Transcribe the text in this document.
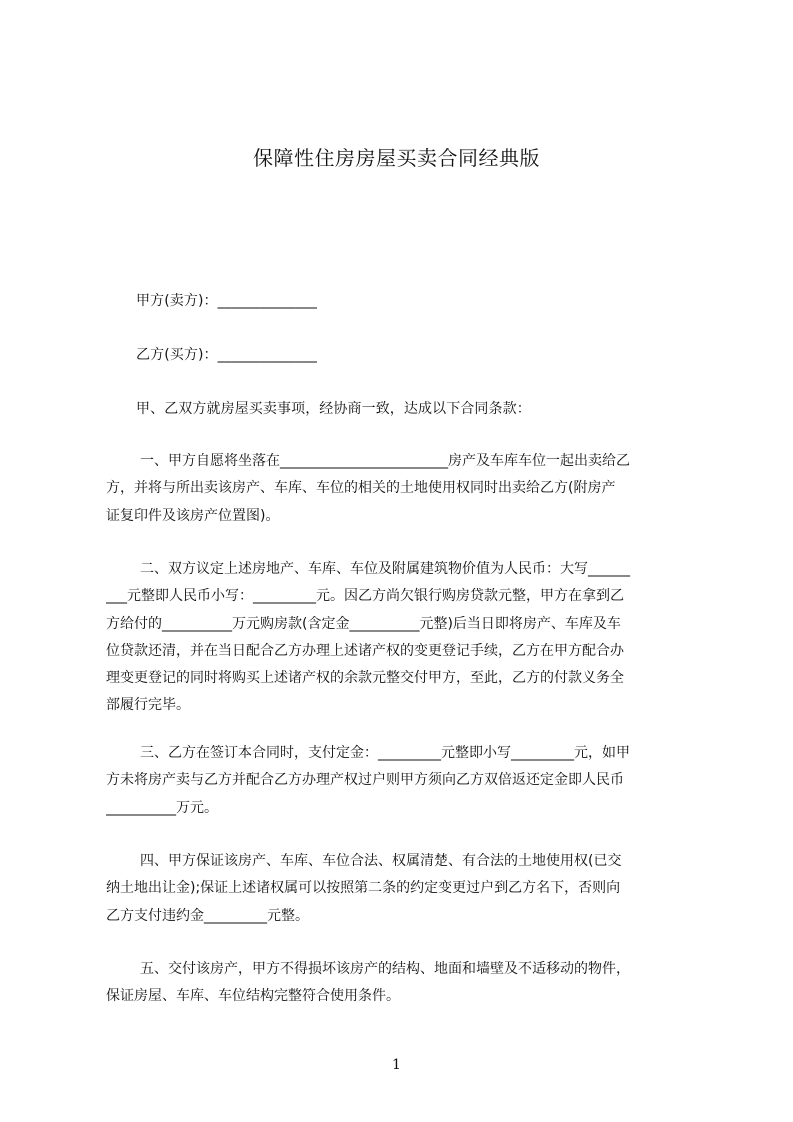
保障性住房房屋买卖合同经典版
甲方(卖方)：______________
乙方(买方)：______________
甲、乙双方就房屋买卖事项，经协商一致，达成以下合同条款：
一、甲方自愿将坐落在________________________房产及车库车位一起出卖给乙
方，并将与所出卖该房产、车库、车位的相关的土地使用权同时出卖给乙方(附房产
证复印件及该房产位置图)。
二、双方议定上述房地产、车库、车位及附属建筑物价值为人民币：大写______
___元整即人民币小写：_________元。因乙方尚欠银行购房贷款元整，甲方在拿到乙
方给付的__________万元购房款(含定金__________元整)后当日即将房产、车库及车
位贷款还清，并在当日配合乙方办理上述诸产权的变更登记手续，乙方在甲方配合办
理变更登记的同时将购买上述诸产权的余款元整交付甲方，至此，乙方的付款义务全
部履行完毕。
三、乙方在签订本合同时，支付定金：_________元整即小写_________元，如甲
方未将房产卖与乙方并配合乙方办理产权过户则甲方须向乙方双倍返还定金即人民币
__________万元。
四、甲方保证该房产、车库、车位合法、权属清楚、有合法的土地使用权(已交
纳土地出让金);保证上述诸权属可以按照第二条的约定变更过户到乙方名下，否则向
乙方支付违约金_________元整。
五、交付该房产，甲方不得损坏该房产的结构、地面和墙壁及不适移动的物件，
保证房屋、车库、车位结构完整符合使用条件。
1
